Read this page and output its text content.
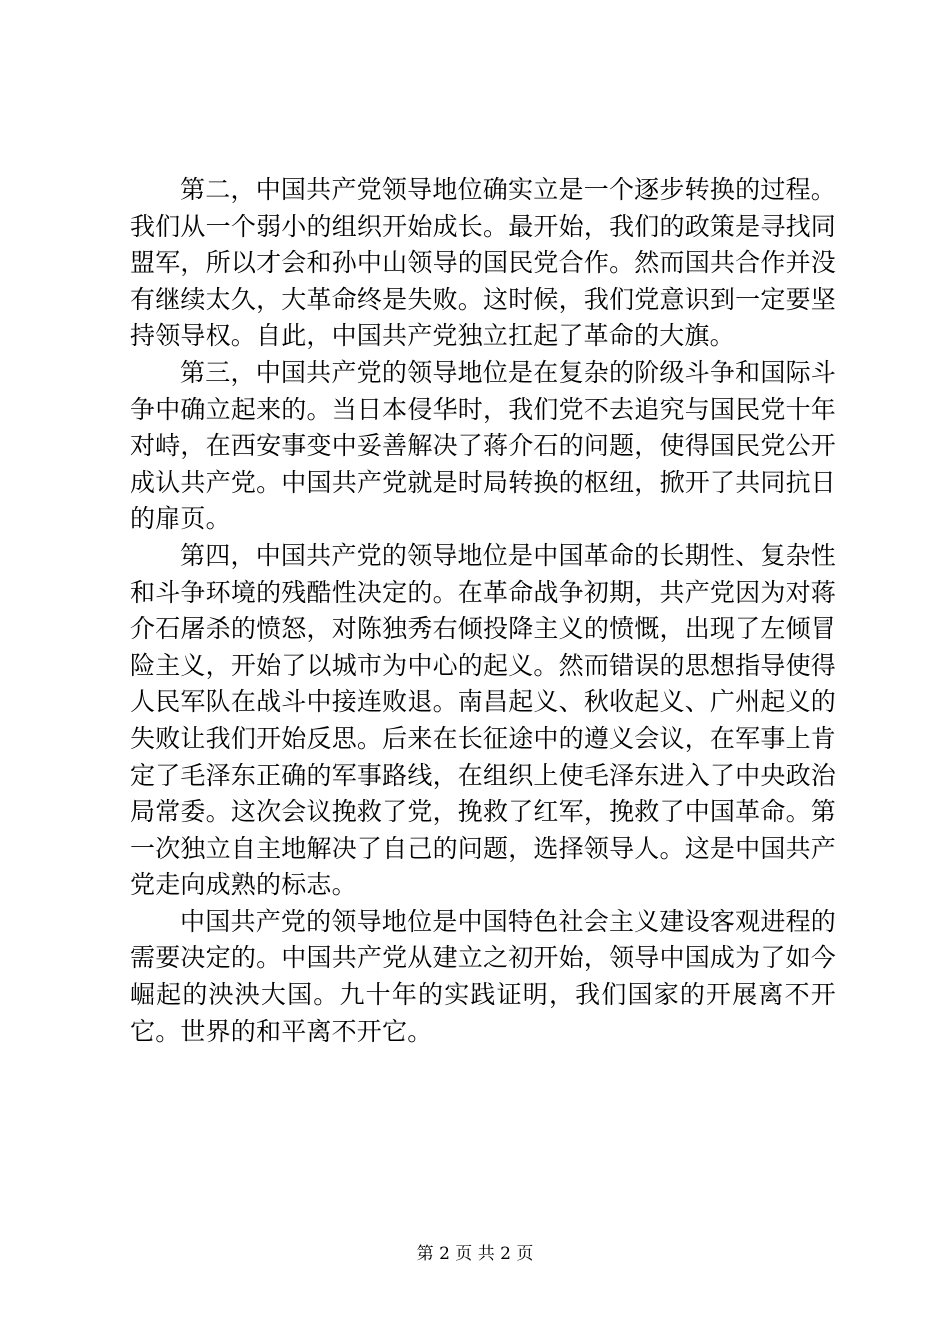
第二，中国共产党领导地位确实立是一个逐步转换的过程。我们从一个弱小的组织开始成长。最开始，我们的政策是寻找同盟军，所以才会和孙中山领导的国民党合作。然而国共合作并没有继续太久，大革命终是失败。这时候，我们党意识到一定要坚持领导权。自此，中国共产党独立扛起了革命的大旗。

第三，中国共产党的领导地位是在复杂的阶级斗争和国际斗争中确立起来的。当日本侵华时，我们党不去追究与国民党十年对峙，在西安事变中妥善解决了蒋介石的问题，使得国民党公开成认共产党。中国共产党就是时局转换的枢纽，掀开了共同抗日的扉页。

第四，中国共产党的领导地位是中国革命的长期性、复杂性和斗争环境的残酷性决定的。在革命战争初期，共产党因为对蒋介石屠杀的愤怒，对陈独秀右倾投降主义的愤慨，出现了左倾冒险主义，开始了以城市为中心的起义。然而错误的思想指导使得人民军队在战斗中接连败退。南昌起义、秋收起义、广州起义的失败让我们开始反思。后来在长征途中的遵义会议，在军事上肯定了毛泽东正确的军事路线，在组织上使毛泽东进入了中央政治局常委。这次会议挽救了党，挽救了红军，挽救了中国革命。第一次独立自主地解决了自己的问题，选择领导人。这是中国共产党走向成熟的标志。

中国共产党的领导地位是中国特色社会主义建设客观进程的需要决定的。中国共产党从建立之初开始，领导中国成为了如今崛起的泱泱大国。九十年的实践证明，我们国家的开展离不开它。世界的和平离不开它。

第 2 页 共 2 页
